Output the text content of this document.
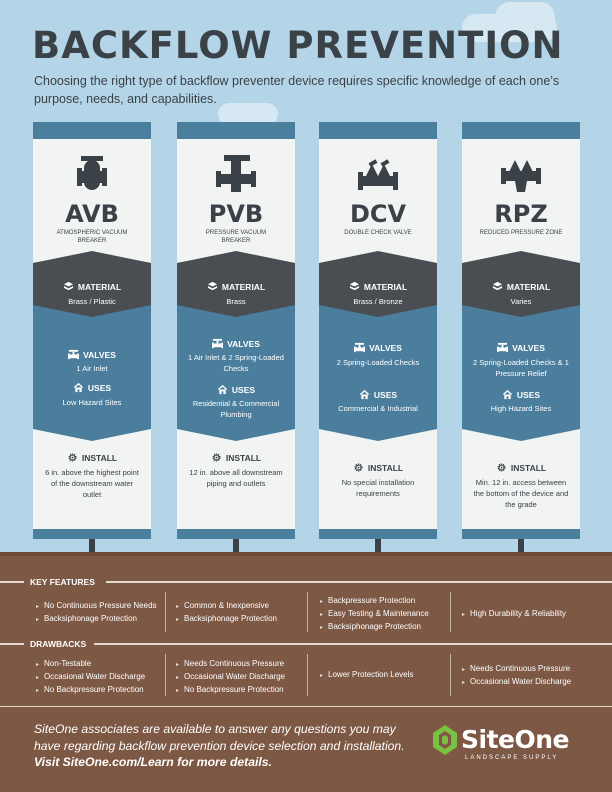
BACKFLOW PREVENTION
Choosing the right type of backflow preventer device requires specific knowledge of each one’s purpose, needs, and capabilities.
AVB
ATMOSPHERIC VACUUM BREAKER
MATERIAL
Brass / Plastic
VALVES
1 Air Inlet
USES
Low Hazard Sites
INSTALL
6 in. above the highest point of the downstream water outlet
PVB
PRESSURE VACUUM BREAKER
MATERIAL
Brass
VALVES
1 Air Inlet & 2 Spring-Loaded Checks
USES
Residential & Commercial Plumbing
INSTALL
12 in. above all downstream piping and outlets
DCV
DOUBLE CHECK VALVE
MATERIAL
Brass / Bronze
VALVES
2 Spring-Loaded Checks
USES
Commercial & Industrial
INSTALL
No special installation requirements
RPZ
REDUCED PRESSURE ZONE
MATERIAL
Varies
VALVES
2 Spring-Loaded Checks & 1 Pressure Relief
USES
High Hazard Sites
INSTALL
Min. 12 in. access between the bottom of the device and the grade
KEY FEATURES
▸ No Continuous Pressure Needs
▸ Backsiphonage Protection
▸ Common & Inexpensive
▸ Backsiphonage Protection
▸ Backpressure Protection
▸ Easy Testing & Maintenance
▸ Backsiphonage Protection
▸ High Durability & Reliability
DRAWBACKS
▸ Non-Testable
▸ Occasional Water Discharge
▸ No Backpressure Protection
▸ Needs Continuous Pressure
▸ Occasional Water Discharge
▸ No Backpressure Protection
▸ Lower Protection Levels
▸ Needs Continuous Pressure
▸ Occasional Water Discharge
SiteOne associates are available to answer any questions you may have regarding backflow prevention device selection and installation.
Visit SiteOne.com/Learn for more details.
SiteOne
LANDSCAPE SUPPLY
